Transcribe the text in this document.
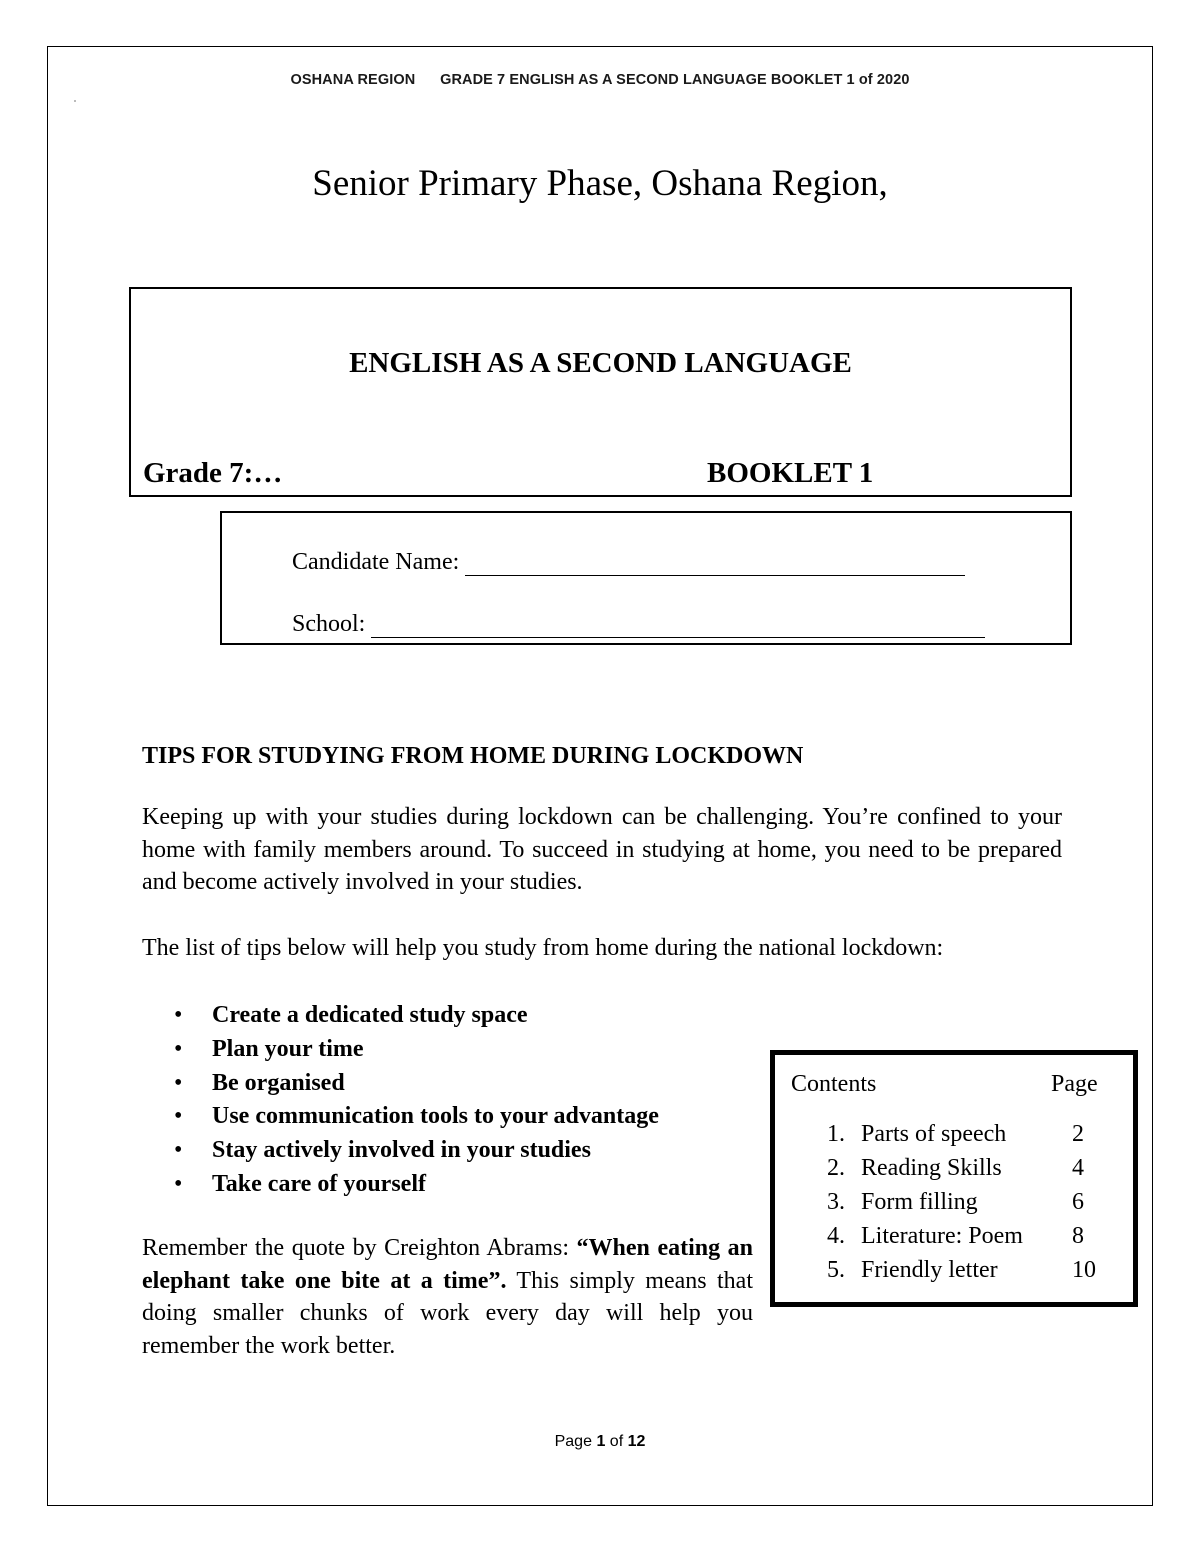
OSHANA REGION GRADE 7 ENGLISH AS A SECOND LANGUAGE BOOKLET 1 of 2020
Senior Primary Phase, Oshana Region,
ENGLISH AS A SECOND LANGUAGE
Grade 7:…	BOOKLET 1
Candidate Name:
School:
TIPS FOR STUDYING FROM HOME DURING LOCKDOWN
Keeping up with your studies during lockdown can be challenging. You’re confined to your home with family members around. To succeed in studying at home, you need to be prepared and become actively involved in your studies.
The list of tips below will help you study from home during the national lockdown:
• Create a dedicated study space
• Plan your time
• Be organised
• Use communication tools to your advantage
• Stay actively involved in your studies
• Take care of yourself
Remember the quote by Creighton Abrams: “When eating an elephant take one bite at a time”. This simply means that doing smaller chunks of work every day will help you remember the work better.
Contents	Page
1. Parts of speech	2
2. Reading Skills	4
3. Form filling	6
4. Literature: Poem 8
5. Friendly letter	10
Page 1 of 12
